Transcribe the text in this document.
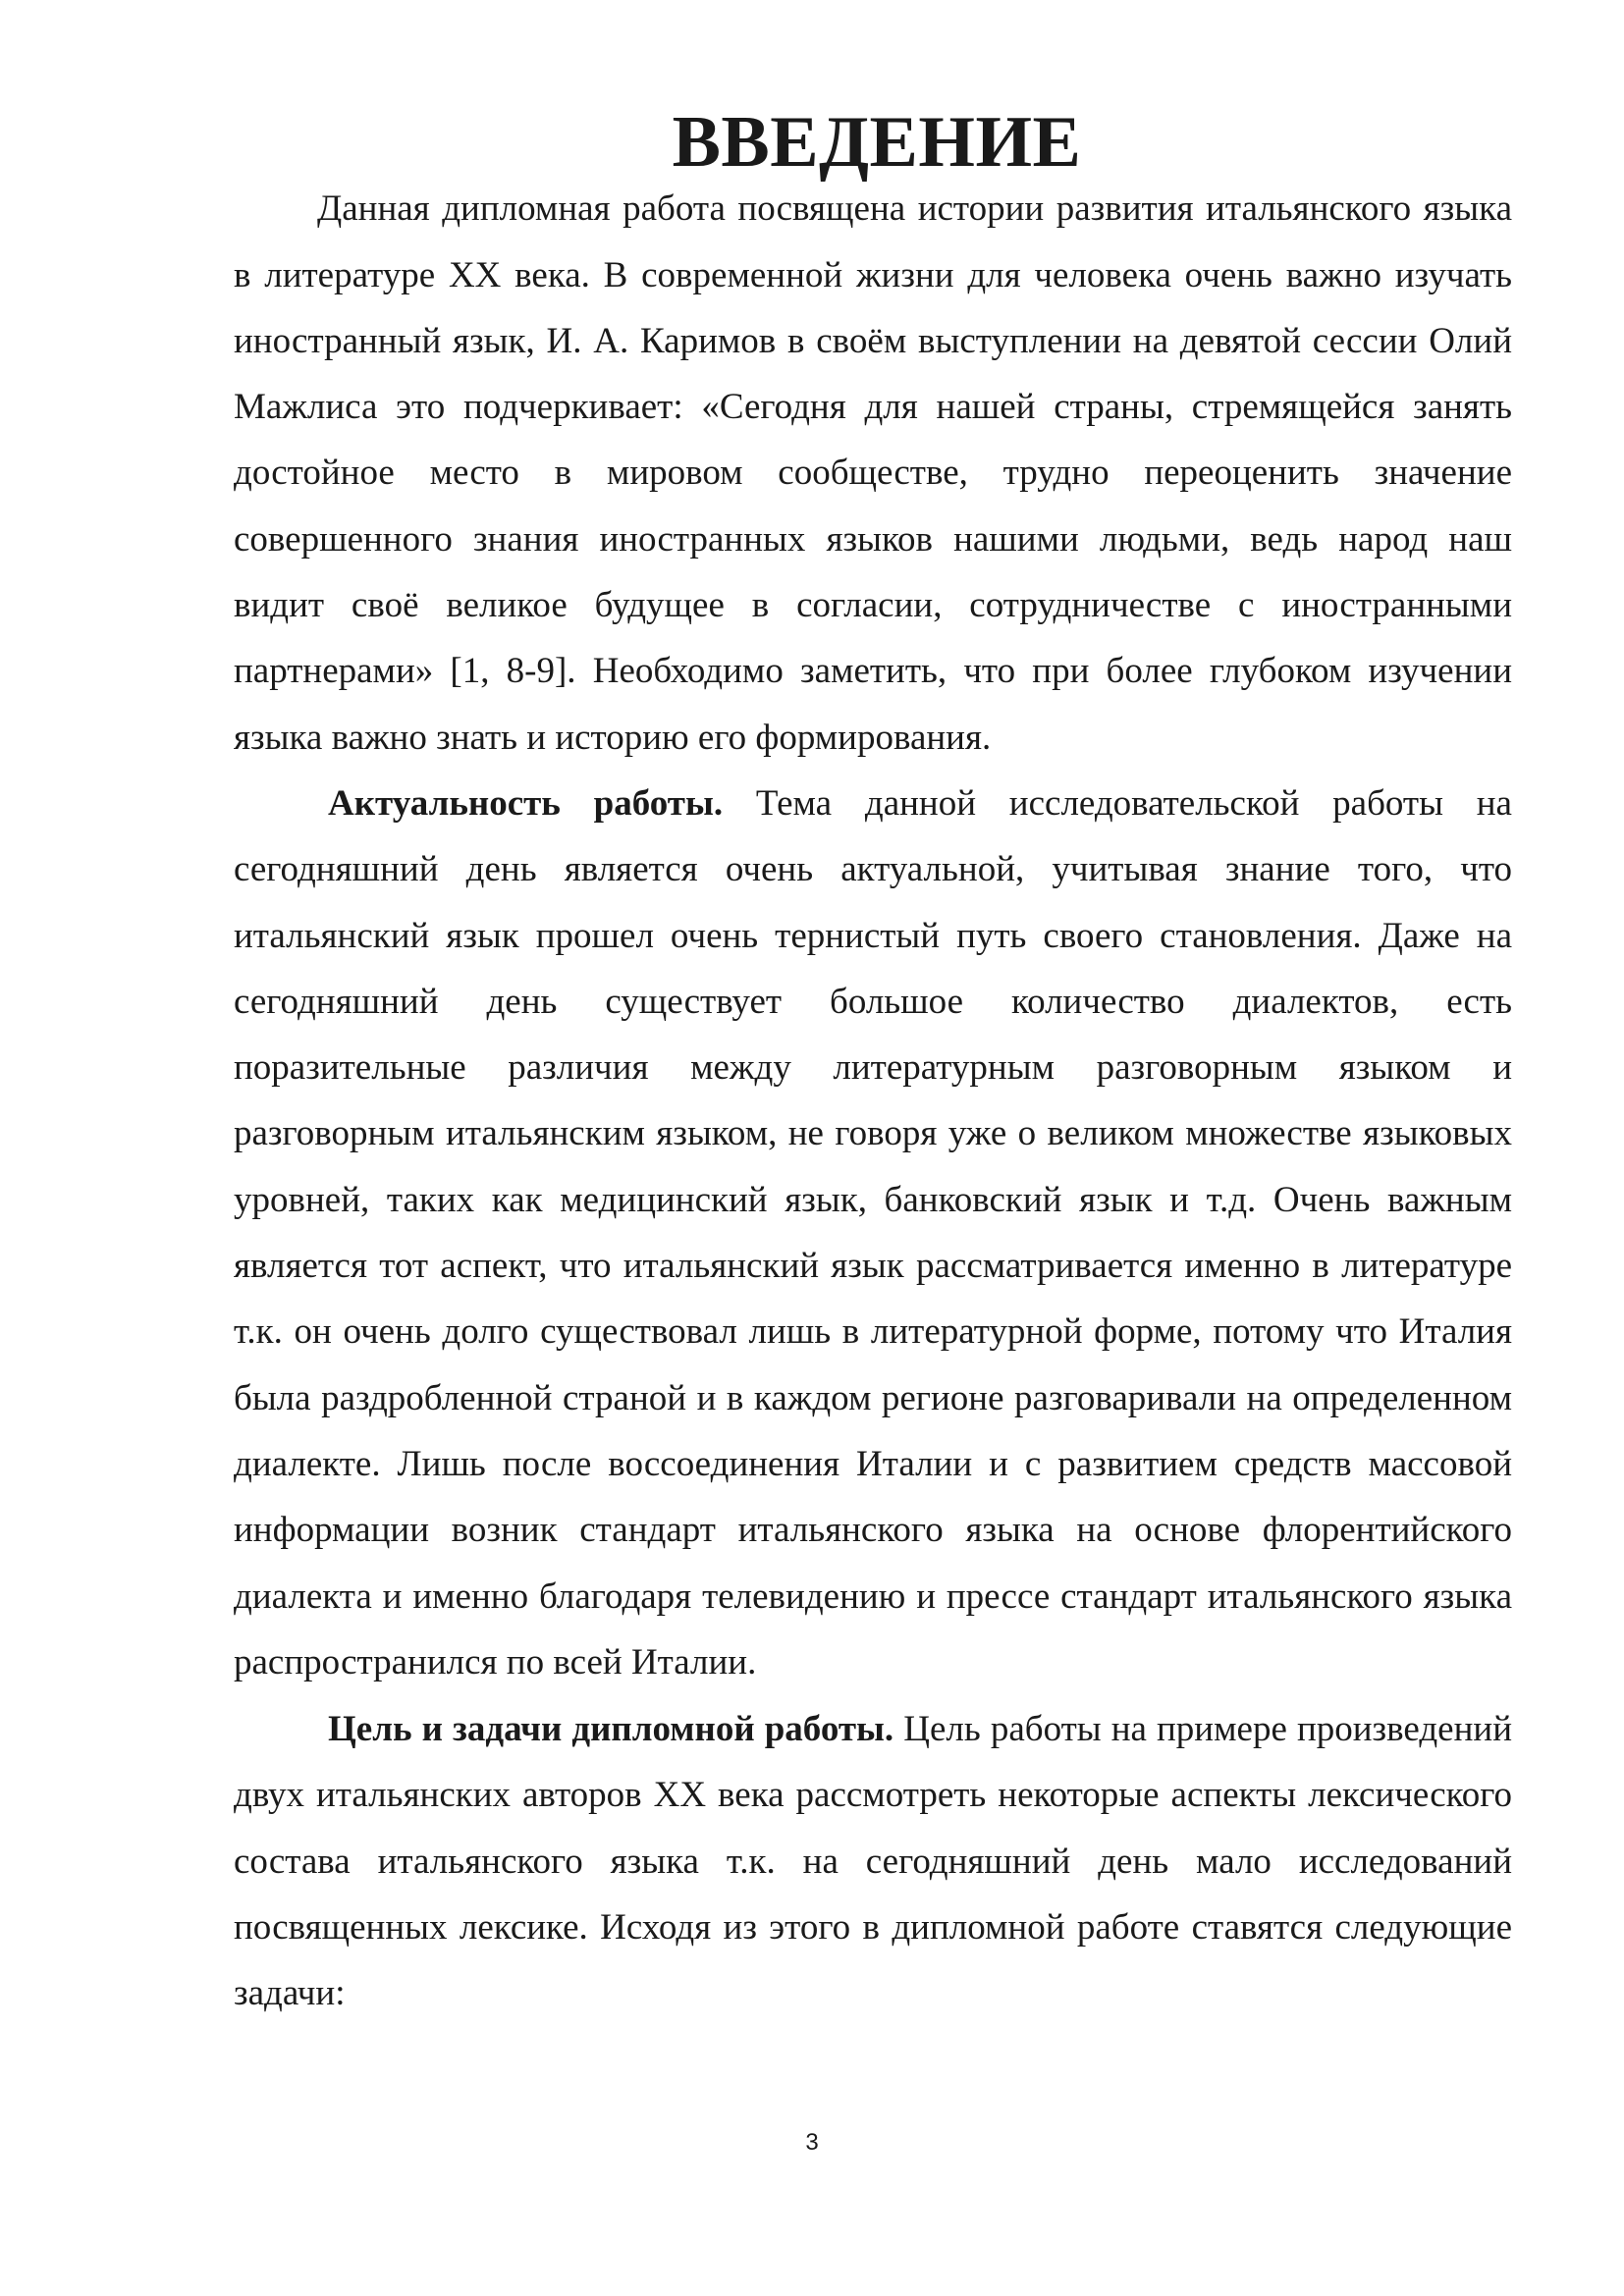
ВВЕДЕНИЕ

Данная дипломная работа посвящена истории развития итальянского языка в литературе XX века. В современной жизни для человека очень важно изучать иностранный язык, И. А. Каримов в своём выступлении на девятой сессии Олий Мажлиса это подчеркивает: «Сегодня для нашей страны, стремящейся занять достойное место в мировом сообществе, трудно переоценить значение совершенного знания иностранных языков нашими людьми, ведь народ наш видит своё великое будущее в согласии, сотрудничестве с иностранными партнерами» [1, 8-9]. Необходимо заметить, что при более глубоком изучении языка важно знать и историю его формирования.

Актуальность работы. Тема данной исследовательской работы на сегодняшний день является очень актуальной, учитывая знание того, что итальянский язык прошел очень тернистый путь своего становления. Даже на сегодняшний день существует большое количество диалектов, есть поразительные различия между литературным разговорным языком и разговорным итальянским языком, не говоря уже о великом множестве языковых уровней, таких как медицинский язык, банковский язык и т.д. Очень важным является тот аспект, что итальянский язык рассматривается именно в литературе т.к. он очень долго существовал лишь в литературной форме, потому что Италия была раздробленной страной и в каждом регионе разговаривали на определенном диалекте. Лишь после воссоединения Италии и с развитием средств массовой информации возник стандарт итальянского языка на основе флорентийского диалекта и именно благодаря телевидению и прессе стандарт итальянского языка распространился по всей Италии.

Цель и задачи дипломной работы. Цель работы на примере произведений двух итальянских авторов XX века рассмотреть некоторые аспекты лексического состава итальянского языка т.к. на сегодняшний день мало исследований посвященных лексике. Исходя из этого в дипломной работе ставятся следующие задачи:

3
